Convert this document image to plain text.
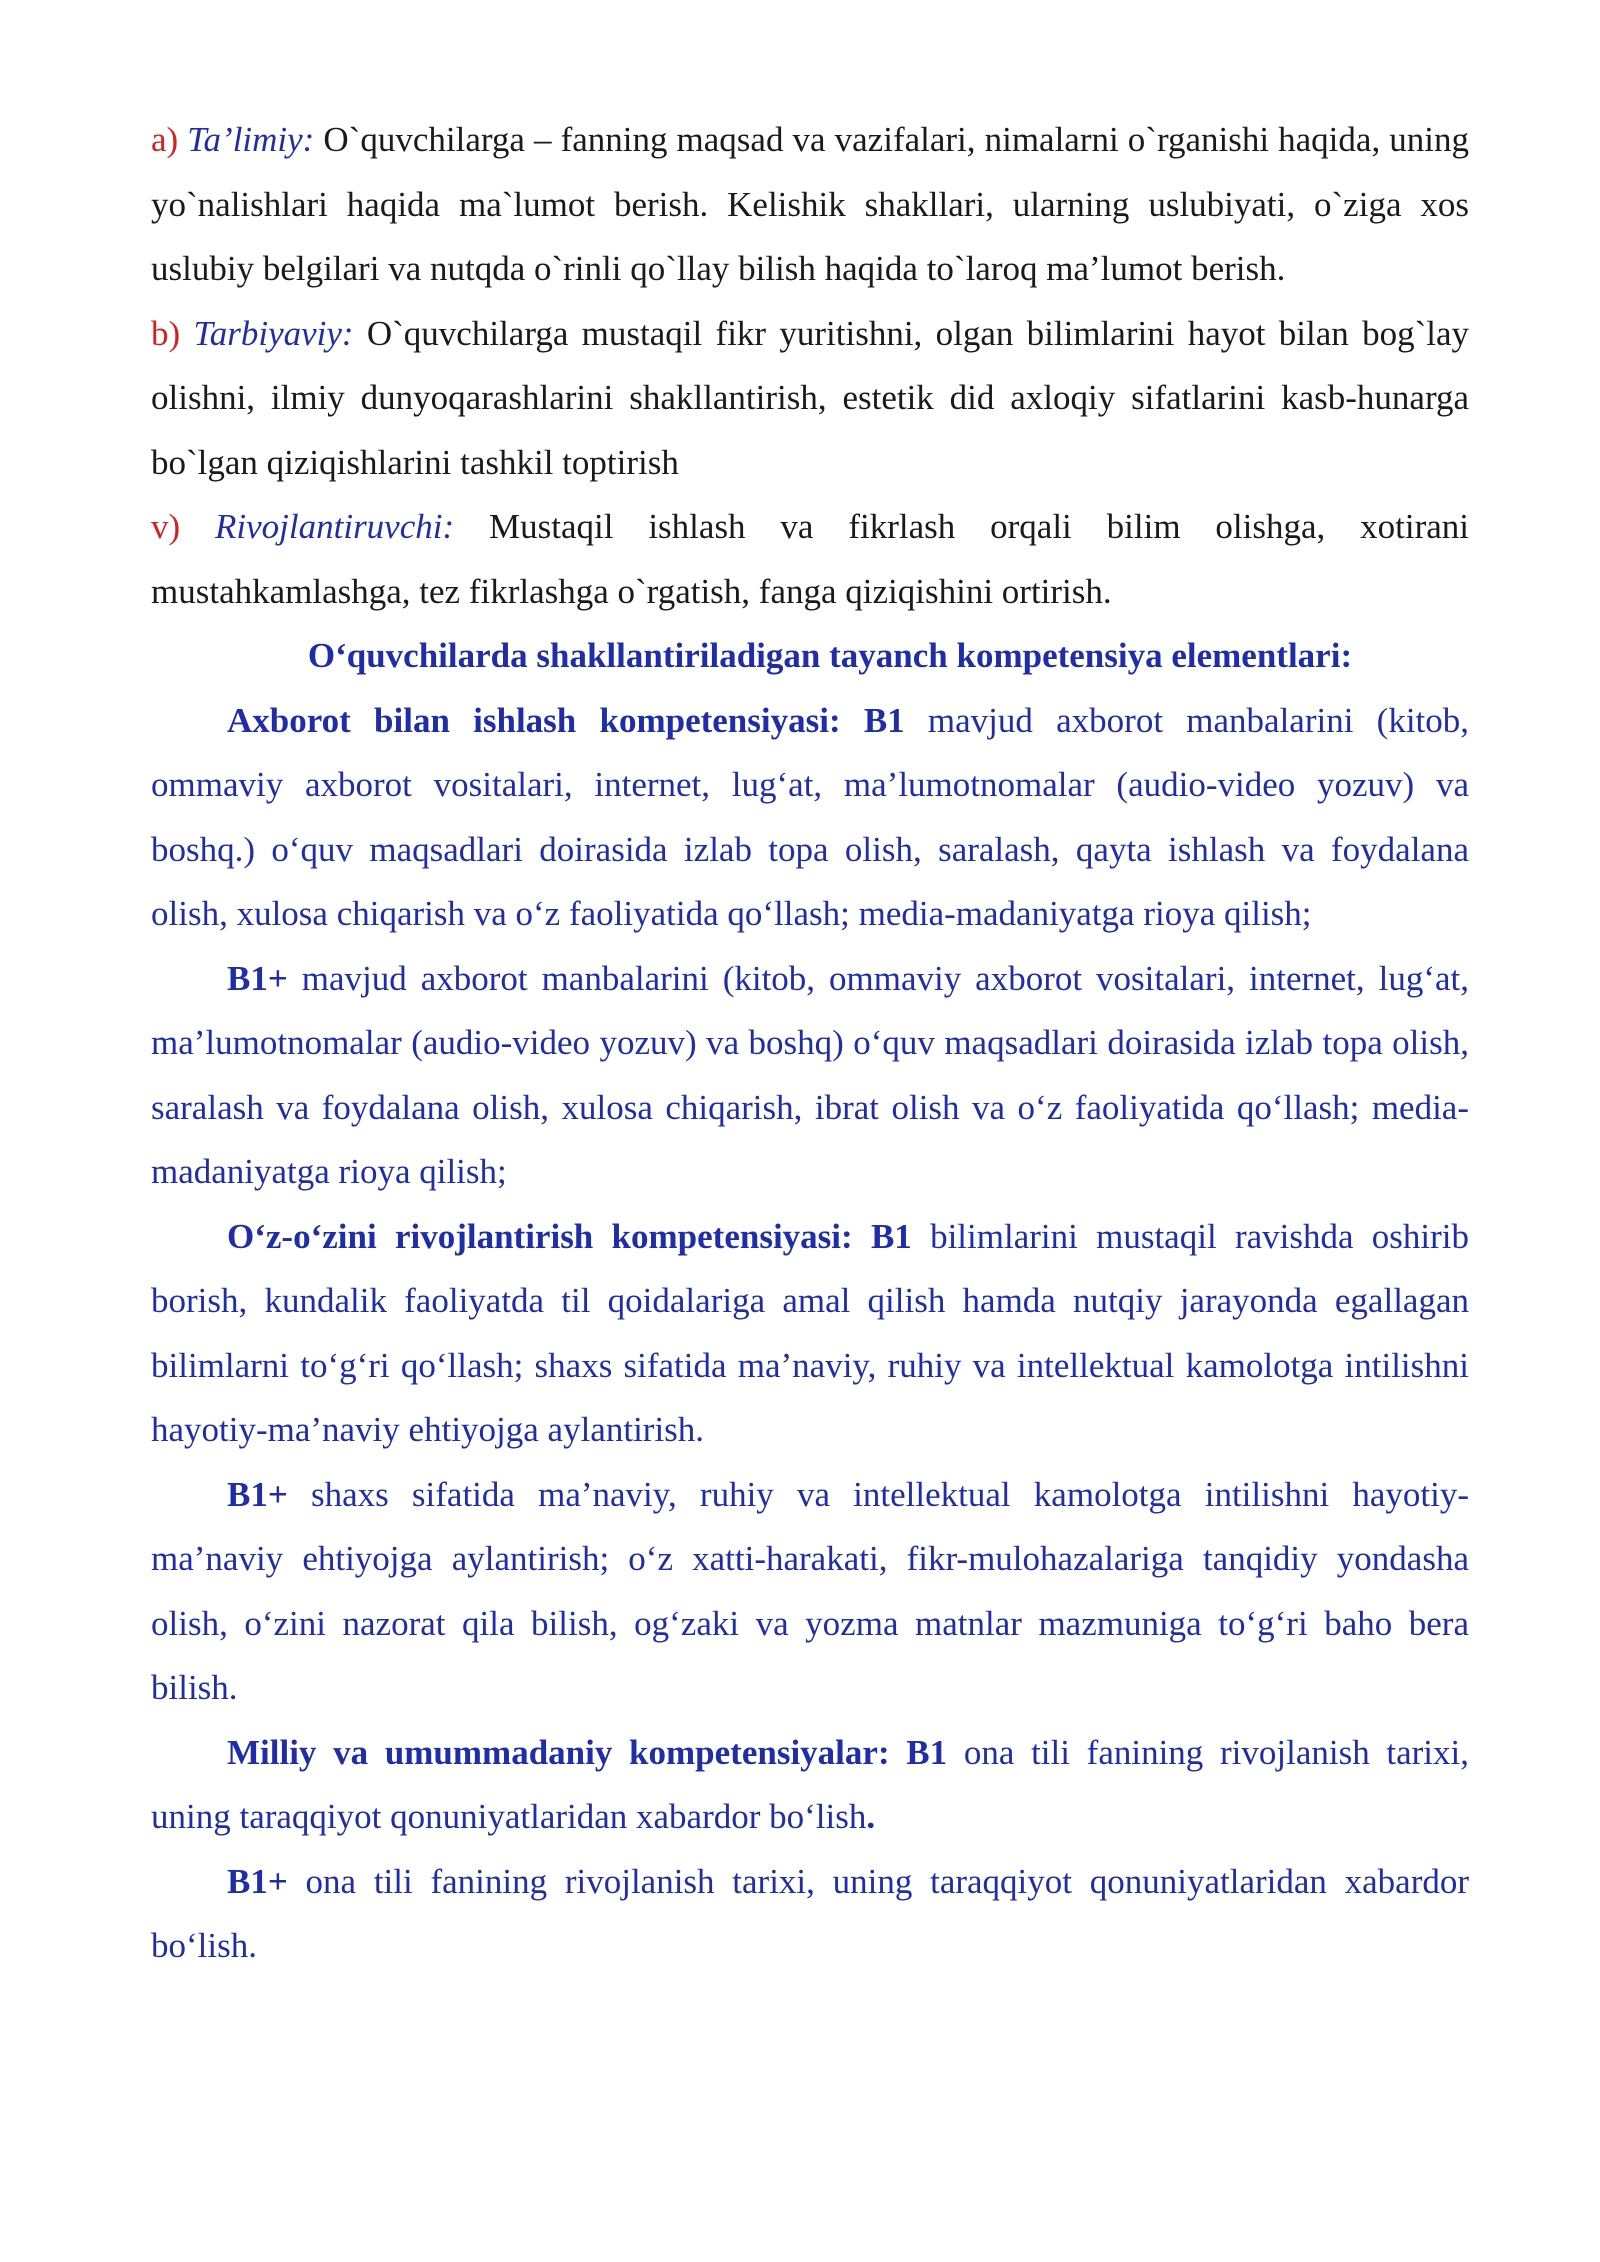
a) Ta’limiy: O`quvchilarga – fanning maqsad va vazifalari, nimalarni o`rganishi haqida, uning yo`nalishlari haqida ma`lumot berish. Kelishik shakllari, ularning uslubiyati, o`ziga xos uslubiy belgilari va nutqda o`rinli qo`llay bilish haqida to`laroq ma’lumot berish.

b) Tarbiyaviy: O`quvchilarga mustaqil fikr yuritishni, olgan bilimlarini hayot bilan bog`lay olishni, ilmiy dunyoqarashlarini shakllantirish, estetik did axloqiy sifatlarini kasb-hunarga bo`lgan qiziqishlarini tashkil toptirish

v) Rivojlantiruvchi: Mustaqil ishlash va fikrlash orqali bilim olishga, xotirani mustahkamlashga, tez fikrlashga o`rgatish, fanga qiziqishini ortirish.

O‘quvchilarda shakllantiriladigan tayanch kompetensiya elementlari:

Axborot bilan ishlash kompetensiyasi: B1 mavjud axborot manbalarini (kitob, ommaviy axborot vositalari, internet, lug‘at, ma’lumotnomalar (audio-video yozuv) va boshq.) o‘quv maqsadlari doirasida izlab topa olish, saralash, qayta ishlash va foydalana olish, xulosa chiqarish va o‘z faoliyatida qo‘llash; media-madaniyatga rioya qilish;

B1+ mavjud axborot manbalarini (kitob, ommaviy axborot vositalari, internet, lug‘at, ma’lumotnomalar (audio-video yozuv) va boshq) o‘quv maqsadlari doirasida izlab topa olish, saralash va foydalana olish, xulosa chiqarish, ibrat olish va o‘z faoliyatida qo‘llash; media-madaniyatga rioya qilish;

O‘z-o‘zini rivojlantirish kompetensiyasi: B1 bilimlarini mustaqil ravishda oshirib borish, kundalik faoliyatda til qoidalariga amal qilish hamda nutqiy jarayonda egallagan bilimlarni to‘g‘ri qo‘llash; shaxs sifatida ma’naviy, ruhiy va intellektual kamolotga intilishni hayotiy-ma’naviy ehtiyojga aylantirish.

B1+ shaxs sifatida ma’naviy, ruhiy va intellektual kamolotga intilishni hayotiy-ma’naviy ehtiyojga aylantirish; o‘z xatti-harakati, fikr-mulohazalariga tanqidiy yondasha olish, o‘zini nazorat qila bilish, og‘zaki va yozma matnlar mazmuniga to‘g‘ri baho bera bilish.

Milliy va umummadaniy kompetensiyalar: B1 ona tili fanining rivojlanish tarixi, uning taraqqiyot qonuniyatlaridan xabardor bo‘lish.

B1+ ona tili fanining rivojlanish tarixi, uning taraqqiyot qonuniyatlaridan xabardor bo‘lish.
